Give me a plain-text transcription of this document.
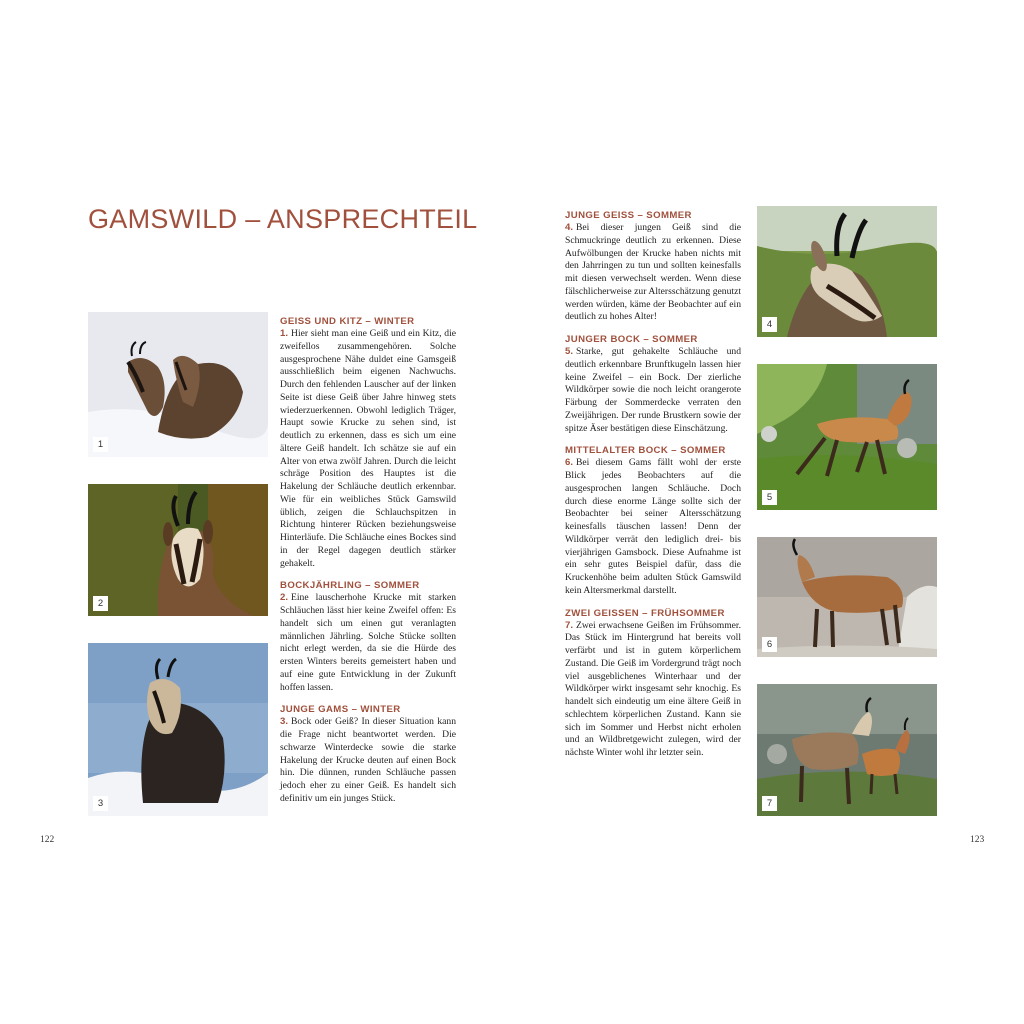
GAMSWILD – ANSPRECHTEIL
1
2
3
4
5
6
7
GEISS UND KITZ – WINTER
1. Hier sieht man eine Geiß und ein Kitz, die zweifellos zusammengehören. Solche ausgesprochene Nähe duldet eine Gamsgeiß ausschließlich beim eigenen Nachwuchs. Durch den fehlenden Lauscher auf der linken Seite ist diese Geiß über Jahre hinweg stets wiederzuerkennen. Obwohl lediglich Träger, Haupt sowie Krucke zu sehen sind, ist deutlich zu erkennen, dass es sich um eine ältere Geiß handelt. Ich schätze sie auf ein Alter von etwa zwölf Jahren. Durch die leicht schräge Position des Hauptes ist die Hakelung der Schläuche deutlich erkennbar. Wie für ein weibliches Stück Gamswild üblich, zeigen die Schlauchspitzen in Richtung hinterer Rücken beziehungsweise Hinterläufe. Die Schläuche eines Bockes sind in der Regel dagegen deutlich stärker gehakelt.
BOCKJÄHRLING – SOMMER
2. Eine lauscherhohe Krucke mit starken Schläuchen lässt hier keine Zweifel offen: Es handelt sich um einen gut veranlagten männlichen Jährling. Solche Stücke sollten nicht erlegt werden, da sie die Hürde des ersten Winters bereits gemeistert haben und auf eine gute Entwicklung in der Zukunft hoffen lassen.
JUNGE GAMS – WINTER
3. Bock oder Geiß? In dieser Situation kann die Frage nicht beantwortet werden. Die schwarze Winterdecke sowie die starke Hakelung der Krucke deuten auf einen Bock hin. Die dünnen, runden Schläuche passen jedoch eher zu einer Geiß. Es handelt sich definitiv um ein junges Stück.
JUNGE GEISS – SOMMER
4. Bei dieser jungen Geiß sind die Schmuckringe deutlich zu erkennen. Diese Aufwölbungen der Krucke haben nichts mit den Jahrringen zu tun und sollten keinesfalls mit diesen verwechselt werden. Wenn diese fälschlicherweise zur Altersschätzung genutzt werden würden, käme der Beobachter auf ein deutlich zu hohes Alter!
JUNGER BOCK – SOMMER
5. Starke, gut gehakelte Schläuche und deutlich erkennbare Brunftkugeln lassen hier keine Zweifel – ein Bock. Der zierliche Wildkörper sowie die noch leicht orangerote Färbung der Sommerdecke verraten den Zweijährigen. Der runde Brustkern sowie der spitze Äser bestätigen diese Einschätzung.
MITTELALTER BOCK – SOMMER
6. Bei diesem Gams fällt wohl der erste Blick jedes Beobachters auf die ausgesprochen langen Schläuche. Doch durch diese enorme Länge sollte sich der Beobachter bei seiner Altersschätzung keinesfalls täuschen lassen! Denn der Wildkörper verrät den lediglich drei- bis vierjährigen Gamsbock. Diese Aufnahme ist ein sehr gutes Beispiel dafür, dass die Kruckenhöhe beim adulten Stück Gamswild kein Altersmerkmal darstellt.
ZWEI GEISSEN – FRÜHSOMMER
7. Zwei erwachsene Geißen im Frühsommer. Das Stück im Hintergrund hat bereits voll verfärbt und ist in gutem körperlichem Zustand. Die Geiß im Vordergrund trägt noch viel ausgeblichenes Winterhaar und der Wildkörper wirkt insgesamt sehr knochig. Es handelt sich eindeutig um eine ältere Geiß in schlechtem körperlichen Zustand. Kann sie sich im Sommer und Herbst nicht erholen und an Wildbretgewicht zulegen, wird der nächste Winter wohl ihr letzter sein.
122	123
